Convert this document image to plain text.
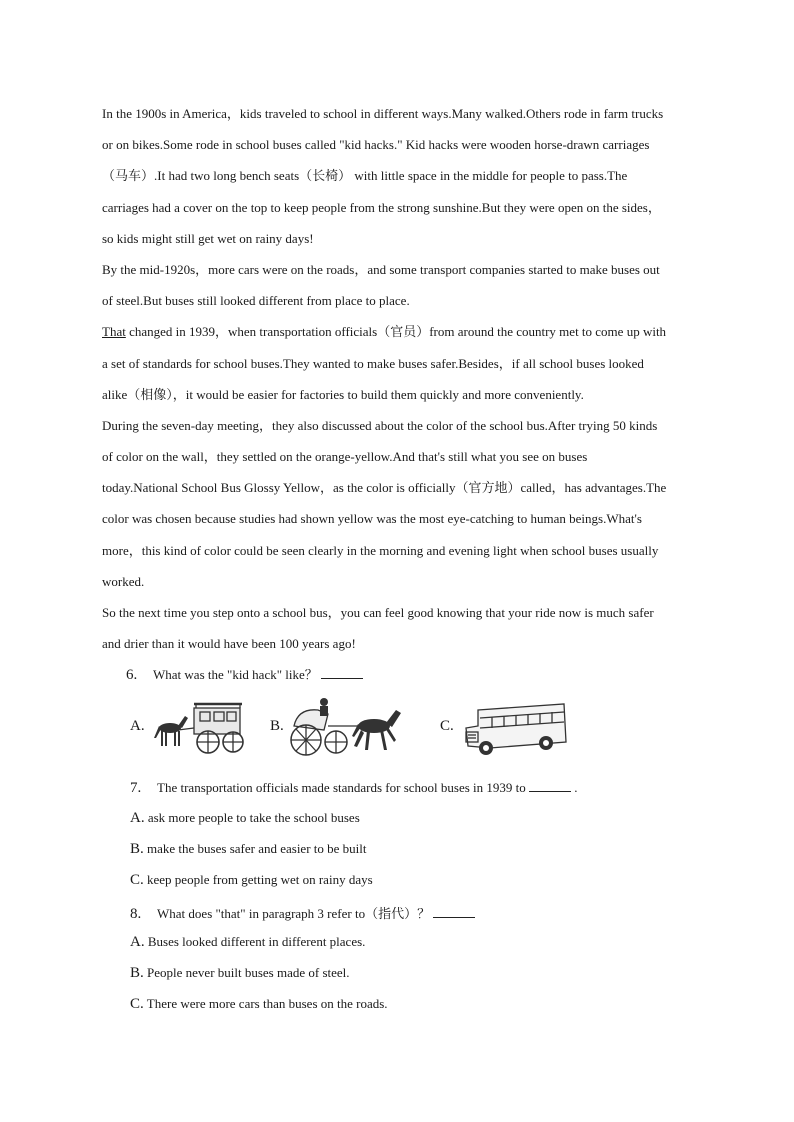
In the 1900s in America，kids traveled to school in different ways.Many walked.Others rode in farm trucks
or on bikes.Some rode in school buses called "kid hacks." Kid hacks were wooden horse-drawn carriages
（马车）.It had two long bench seats（长椅） with little space in the middle for people to pass.The
carriages had a cover on the top to keep people from the strong sunshine.But they were open on the sides，
so kids might still get wet on rainy days!
By the mid-1920s，more cars were on the roads，and some transport companies started to make buses out
of steel.But buses still looked different from place to place.
That changed in 1939，when transportation officials（官员）from around the country met to come up with
a set of standards for school buses.They wanted to make buses safer.Besides，if all school buses looked
alike（相像），it would be easier for factories to build them quickly and more conveniently.
During the seven-day meeting，they also discussed about the color of the school bus.After trying 50 kinds
of color on the wall，they settled on the orange-yellow.And that's still what you see on buses
today.National School Bus Glossy Yellow，as the color is officially（官方地）called，has advantages.The
color was chosen because studies had shown yellow was the most eye-catching to human beings.What's
more，this kind of color could be seen clearly in the morning and evening light when school buses usually
worked.
So the next time you step onto a school bus，you can feel good knowing that your ride now is much safer
and drier than it would have been 100 years ago!
6. What was the "kid hack" like？
A.	B.	C.
7. The transportation officials made standards for school buses in 1939 to	.
A. ask more people to take the school buses
B. make the buses safer and easier to be built
C. keep people from getting wet on rainy days
8. What does "that" in paragraph 3 refer to（指代）？
A. Buses looked different in different places.
B. People never built buses made of steel.
C. There were more cars than buses on the roads.
